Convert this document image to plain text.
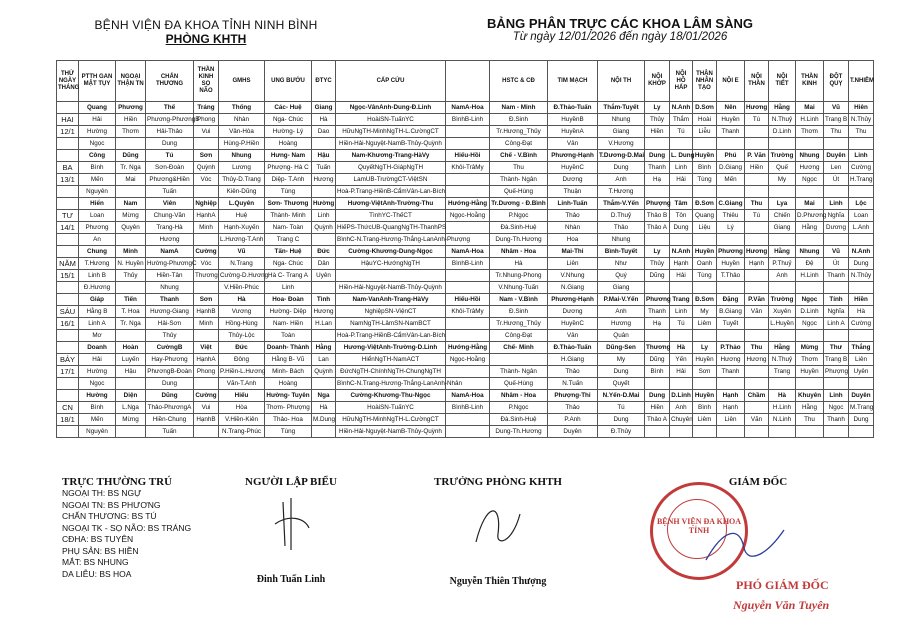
BỆNH VIỆN ĐA KHOA TỈNH NINH BÌNH
PHÒNG KHTH
BẢNG PHÂN TRỰC CÁC KHOA LÂM SÀNG
Từ ngày 12/01/2026 đến ngày 18/01/2026
THỨ NGÀY THÁNG	PTTH GAN MẬT TỤY	NGOẠI THẬN TN	CHẤN THƯƠNG	THẦN KINH SỌ NÃO	GMHS	UNG BƯỚU	ĐTYC	CẤP CỨU		HSTC & CĐ	TIM MẠCH	NỘI TH	NỘI KHỚP	NỘI HÔ HẤP	THẬN NHÂN TẠO	NỘI E	NỘI THẦN	NỘI TIẾT	THẦN KINH	ĐỘT QUỴ	T.NHIỄM
	Quang	Phương	Thế	Tráng	Thống	Các- Huệ	Giang	Ngọc-VânAnh-Dung-Đ.Linh	NamA-Hoa	Nam - Minh	Đ.Thảo-Tuấn	Thắm-Tuyết	Ly	N.Anh	D.Sơn	Nên	Hương	Hằng	Mai	Vũ	Hiên
HAI	Hải	Hiền	Phương-PhươngB	Phong	Nhàn	Nga- Chúc	Hà	HoàiSN-TuấnYC	BìnhB-Linh	Đ.Sinh	HuyềnB	Nhung	Thủy	Thắm	Hoài	Huyền	Tú	N.Thuỷ	H.Linh	Trang B	N.Thủy
12/1	Hường	Thơm	Hải-Thảo	Vui	Vân-Hòa	Hường- Lý	Dao	HữuNgTH-MinhNgTH-L.CườngCT		Tr.Hương_Thủy	HuyềnA	Giang	Hiền	Tú	Liễu	Thanh		D.Linh	Thơm	Thu	Thu
	Ngọc		Dung		Hùng-P.Hiền	Hoàng		Hiền-Hải-Nguyệt-NamB-Thủy-Quỳnh		Công-Đạt	Vân	V.Hương									
	Công	Dũng	Tú	Sơn	Nhung	Hưng- Nam	Hậu	Nam-Khương-Trang-HàVy	Hiếu-Hồi	Chế - V.Bình	Phương-Hạnh	T.Dương-D.Mai	Dung	L. Dung	Huyền	Phú	P. Văn	Trường	Nhung	Duyên	Linh
BA	Bình	Tr. Nga	Sơn-Đoàn	Quỳnh	Lương	Phượng- Hà C	Tuấn	QuyếtNgTH-GiápNgTH	Khôi-TrâMy	Thu	HuyềnC	Dung	Thanh	Linh	Bình	D.Giang	Hiền	Quế	Hương	Len	Cường
13/1	Mến	Mai	Phương&Hiền	Vóc	Thủy-D.Trang	Diệp- T.Anh	Hương	LamUB-TrườngCT-ViệtSN		Thành- Ngân	Dương	Anh	Hạ	Hải	Tùng	Mến		My	Ngọc	Út	H.Trang
	Nguyên		Tuấn		Kiên-Dũng	Tùng		Hoà-P.Trang-HiềnB-CẩmVân-Lan-Bích		Quế-Hùng	Thuận	T.Hương									
	Hiển	Nam	Viên	Nghiệp	L.Quyên	Sơn- Thương	Hường	Hương-ViệtAnh-Trường-Thu	Hướng-Hằng	Tr.Dương - Đ.Bình	Linh-Tuấn	Thắm-V.Yến	Phượng	Tâm	Đ.Sơn	C.Giang	Thu	Lya	Mai	Linh	Lộc
TƯ	Loan	Mừng	Chung-Văn	HạnhA	Huệ	Thành- Minh	Linh	TìnhYC-ThếCT	Ngọc-Hoằng	P.Ngọc	Thảo	D.Thuỷ	Thảo B	Tôn	Quang	Thiêu	Tú	Chiến	D.Phương	Nghĩa	Loan
14/1	Phương	Quyên	Trang-Hà	Minh	Hạnh-Xuyến	Nam- Toàn	Quỳnh	HiếPS-ThứcUB-QuangNgTH-ThanhPS		Đà.Sinh-Huệ	Nhàn	Thảo	Thảo A	Dung	Liệu	Lý		Giang	Hằng	Dương	L.Anh
	An		Hương		L.Hương-T.Anh	Trang C		BìnhC-N.Trang-Hương-Thắng-LanAnh-Phượng		Dung-Th.Hương	Hoa	Nhung									
	Chung	Minh	NamA	Cường	Vũ	Tấn- Huệ	Đức	Cường-Khương-Dung-Ngọc	NamA-Hoa	Nhâm - Hoa	Mai-Thi	Bình-Tuyết	Ly	N.Anh	Huyền	Phương	Hương	Hằng	Nhung	Vũ	N.Anh
NĂM	T.Hương	N. Huyền	Hường-PhươngC	Vóc	N.Trang	Nga- Chúc	Dân	HậuYC-HướngNgTH	BìnhB-Linh	Hà	Liên	Như	Thủy	Hạnh	Oanh	Huyền	Hạnh	P.Thuỷ	Đệ	Út	Dung
15/1	Linh B	Thủy	Hiền-Tân	Thương	Cường-D.Hương	Hà C- Trang A	Uyên			Tr.Nhung-Phong	V.Nhung	Quý	Dũng	Hải	Tùng	T.Thảo		Anh	H.Linh	Thanh	N.Thủy
	Đ.Hương		Nhung		V.Hiền-Phúc	Linh		Hiền-Hải-Nguyệt-NamB-Thủy-Quỳnh		V.Nhung-Tuấn	N.Giang	Giang									
	Giáp	Tiến	Thanh	Sơn	Hà	Hoa- Đoàn	Tình	Nam-VanAnh-Trang-HàVy	Hiếu-Hồi	Nam - V.Bình	Phương-Hạnh	P.Mai-V.Yến	Phương	Trang	Đ.Sơn	Đặng	P.Văn	Trường	Ngọc	Tính	Hiền
SÁU	Hằng B	T. Hoa	Hương-Giang	HạnhB	Vương	Hường- Diệp	Hương	NghiệpSN-ViệnCT	Khôi-TrâMy	Đ.Sinh	Dương	Anh	Thanh	Linh	My	B.Giang	Văn	Xuyên	D.Linh	Nghĩa	Hà
16/1	Linh A	Tr. Nga	Hải-Sơn	Minh	Hồng-Hùng	Nam- Hiền	H.Lan	NamNgTH-LâmSN-NamBCT		Tr.Hương_Thủy	HuyềnC	Hương	Hạ	Tú	Liêm	Tuyết		L.Huyền	Ngọc	Linh A	Cường
	Mơ		Thủy		Thủy-Lộc	Toàn		Hoà-P.Trang-HiềnB-CẩmVân-Lan-Bích		Công-Đạt	Vân	Quân									
	Doanh	Hoàn	CườngB	Việt	Đức	Doanh- Thành	Hằng	Hương-ViệtAnh-Trường-D.Linh	Hướng-Hằng	Chế- Minh	Đ.Thảo-Tuấn	Dũng-Sen	Thương	Hà	Ly	P.Thảo	Thu	Hằng	Mừng	Thư	Thắng
BẢY	Hải	Luyến	Hay-Phương	HạnhA	Đông	Hằng B- Vũ	Lan	HiểnNgTH-NamACT	Ngọc-Hoằng		H.Giang	My	Dũng	Yến	Huyền	Hương	Hương	N.Thuỷ	Thơm	Trang B	Liên
17/1	Hường	Hậu	PhươngB-Đoàn	Phong	P.Hiền-L.Hương	Minh- Bách	Quỳnh	ĐứcNgTH-ChínhNgTH-ChungNgTH		Thành- Ngân	Thảo	Dung	Bình	Hải	Sơn	Thanh		Trang	Huyền	Phượng	Uyên
	Ngọc		Dung		Văn-T.Anh	Hoàng		BìnhC-N.Trang-Hương-Thắng-LanAnh-Nhân		Quế-Hùng	N.Tuấn	Quyết									
	Hường	Diện	Dũng	Cường	Hiếu	Hường- Tuyên	Nga	Cường-Khương-Thu-Ngọc	NamA-Hoa	Nhâm - Hoa	Phượng-Thi	N.Yến-D.Mai	Dung	D.Linh	Huyền	Hạnh	Chầm	Hà	Khuyên	Linh	Duyên
CN	Bình	L.Nga	Thảo-PhươngA	Vui	Hòa	Thơm- Phượng	Hà	HoàiSN-TuấnYC	BìnhB-Linh	P.Ngọc	Thảo	Tú	Hiền	Anh	Bình	Hạnh		H.Linh	Hằng	Ngọc	M.Trang
18/1	Mến	Mừng	Hiền-Chung	HạnhB	V.Hiền-Kiên	Thảo- Hoa	M.Dung	HữuNgTH-MinhNgTH-L.CườngCT		Đà.Sinh-Huệ	P.Anh	Dung	Thảo A	Chuyên	Liêm	Liên	Văn	N.Linh	Thu	Thanh	Dung
	Nguyên		Tuấn		N.Trang-Phúc	Tùng		Hiền-Hải-Nguyệt-NamB-Thủy-Quỳnh		Dung-Th.Hương	Duyên	Đ.Thủy									
TRỰC THƯỜNG TRÚ
NGOẠI TH: BS NGỰ
NGOẠI TN: BS PHƯƠNG
CHẤN THƯƠNG: BS TÚ
NGOẠI TK - SỌ NÃO: BS TRÁNG
CĐHA: BS TUYÊN
PHỤ SẢN: BS HIỀN
MẮT: BS NHUNG
DA LIỄU: BS HOA
NGƯỜI LẬP BIỂU
Đinh Tuấn Linh
TRƯỞNG PHÒNG KHTH
Nguyễn Thiên Thượng
GIÁM ĐỐC
BỆNH VIỆN ĐA KHOA TỈNH
PHÓ GIÁM ĐỐC
Nguyễn Văn Tuyên
